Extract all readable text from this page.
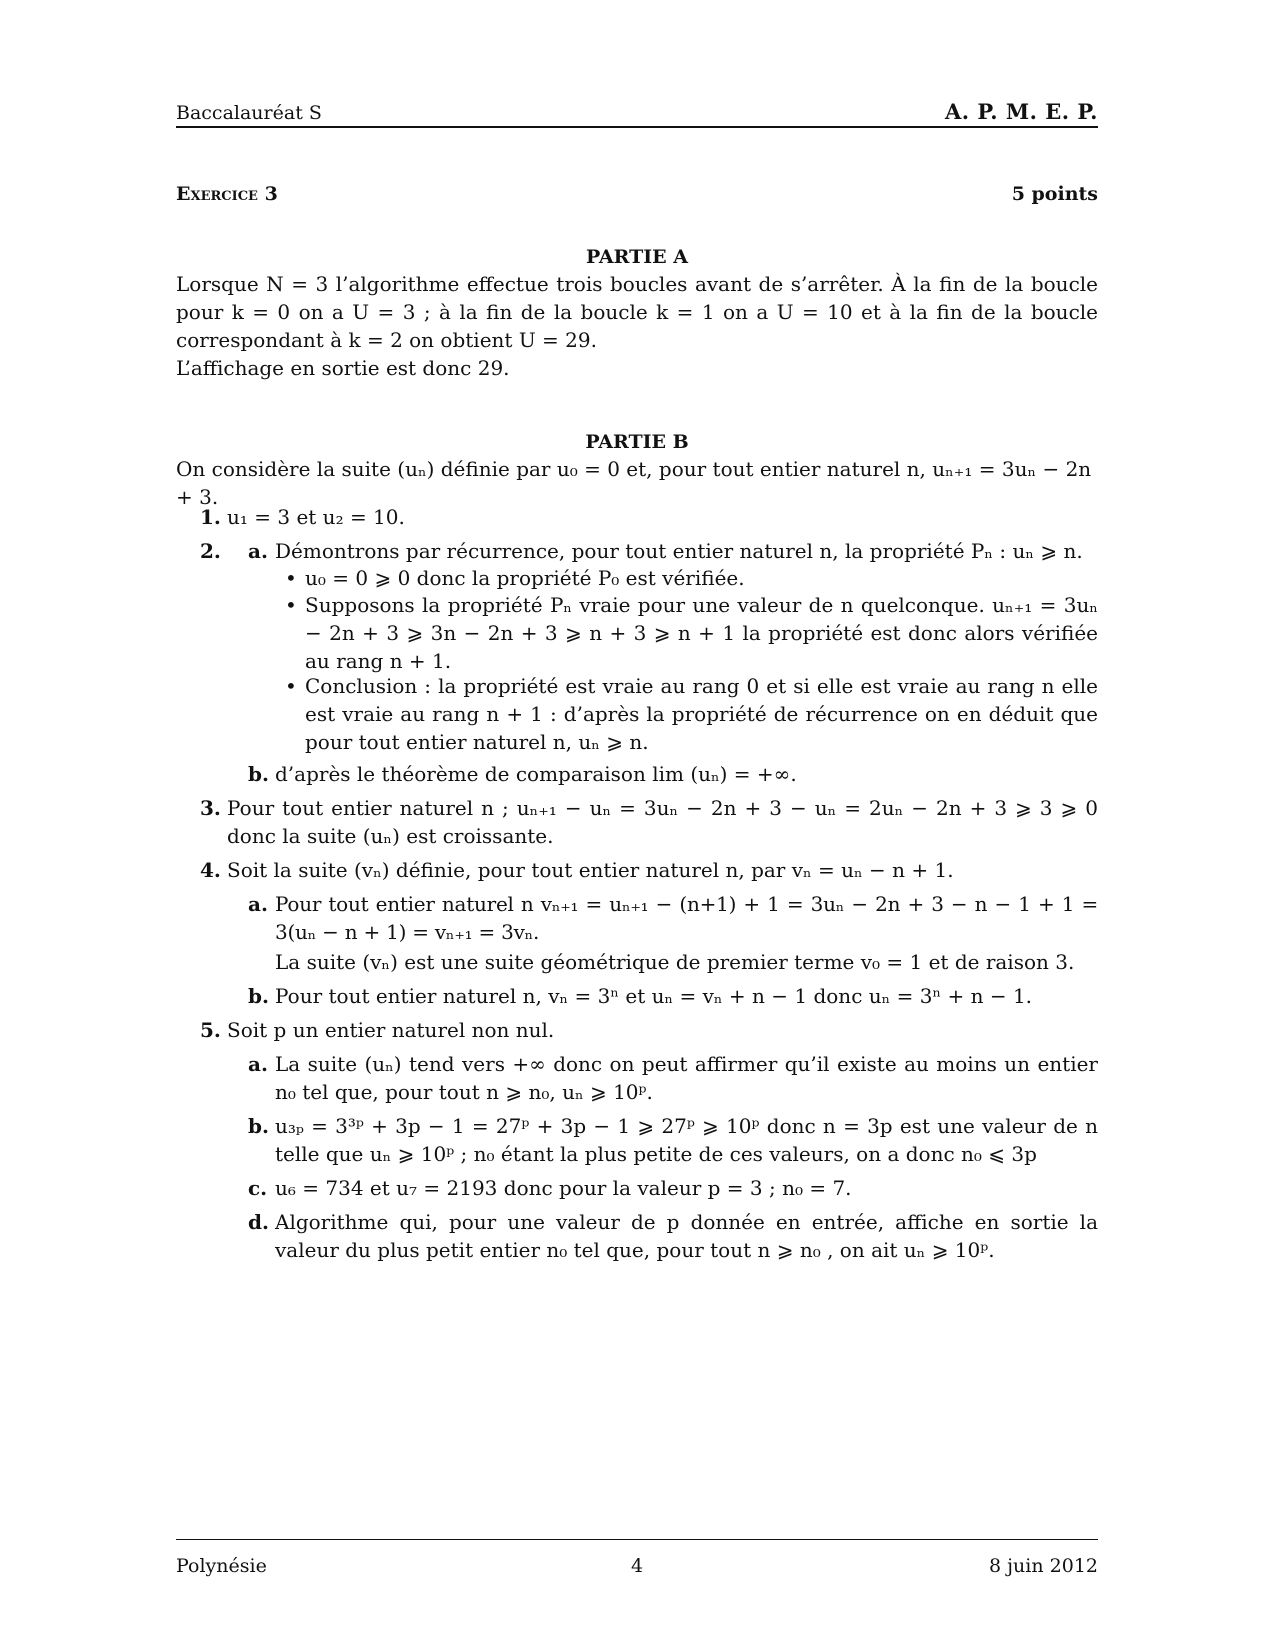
Baccalauréat S	A. P. M. E. P.
Exercice 3	5 points
PARTIE A
Lorsque N = 3 l’algorithme effectue trois boucles avant de s’arrêter. À la fin de la boucle pour k = 0 on a U = 3 ; à la fin de la boucle k = 1 on a U = 10 et à la fin de la boucle correspondant à k = 2 on obtient U = 29.
L’affichage en sortie est donc 29.
PARTIE B
On considère la suite (uₙ) définie par u₀ = 0 et, pour tout entier naturel n, uₙ₊₁ = 3uₙ − 2n + 3.
1. u₁ = 3 et u₂ = 10.
2. a. Démontrons par récurrence, pour tout entier naturel n, la propriété Pₙ : uₙ ⩾ n.
• u₀ = 0 ⩾ 0 donc la propriété P₀ est vérifiée.
• Supposons la propriété Pₙ vraie pour une valeur de n quelconque. uₙ₊₁ = 3uₙ − 2n + 3 ⩾ 3n − 2n + 3 ⩾ n + 3 ⩾ n + 1 la propriété est donc alors vérifiée au rang n + 1.
• Conclusion : la propriété est vraie au rang 0 et si elle est vraie au rang n elle est vraie au rang n + 1 : d’après la propriété de récurrence on en déduit que pour tout entier naturel n, uₙ ⩾ n.
b. d’après le théorème de comparaison lim (uₙ) = +∞.
3. Pour tout entier naturel n ; uₙ₊₁ − uₙ = 3uₙ − 2n + 3 − uₙ = 2uₙ − 2n + 3 ⩾ 3 ⩾ 0 donc la suite (uₙ) est croissante.
4. Soit la suite (vₙ) définie, pour tout entier naturel n, par vₙ = uₙ − n + 1.
a. Pour tout entier naturel n vₙ₊₁ = uₙ₊₁ − (n+1) + 1 = 3uₙ − 2n + 3 − n − 1 + 1 = 3(uₙ − n + 1) = vₙ₊₁ = 3vₙ.
La suite (vₙ) est une suite géométrique de premier terme v₀ = 1 et de raison 3.
b. Pour tout entier naturel n, vₙ = 3ⁿ et uₙ = vₙ + n − 1 donc uₙ = 3ⁿ + n − 1.
5. Soit p un entier naturel non nul.
a. La suite (uₙ) tend vers +∞ donc on peut affirmer qu’il existe au moins un entier n₀ tel que, pour tout n ⩾ n₀, uₙ ⩾ 10ᵖ.
b. u₃ₚ = 3³ᵖ + 3p − 1 = 27ᵖ + 3p − 1 ⩾ 27ᵖ ⩾ 10ᵖ donc n = 3p est une valeur de n telle que uₙ ⩾ 10ᵖ ; n₀ étant la plus petite de ces valeurs, on a donc n₀ ⩽ 3p
c. u₆ = 734 et u₇ = 2193 donc pour la valeur p = 3 ; n₀ = 7.
d. Algorithme qui, pour une valeur de p donnée en entrée, affiche en sortie la valeur du plus petit entier n₀ tel que, pour tout n ⩾ n₀ , on ait uₙ ⩾ 10ᵖ.
Polynésie	4	8 juin 2012
